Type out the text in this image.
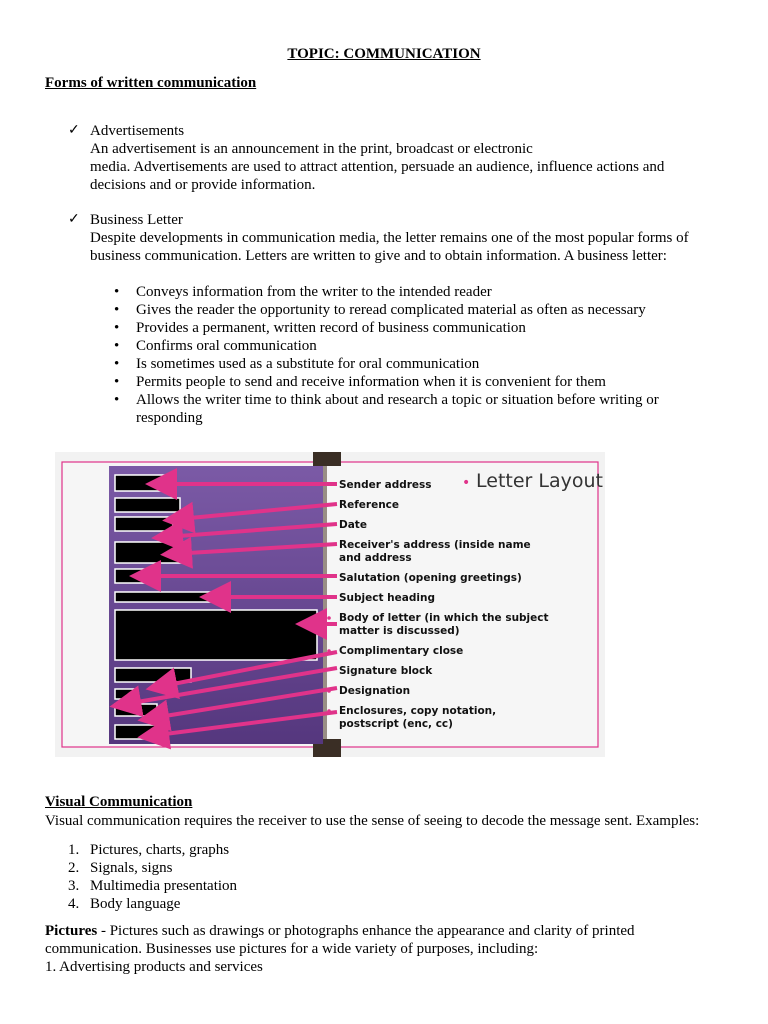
TOPIC: COMMUNICATION
Forms of written communication
✓ Advertisements
An advertisement is an announcement in the print, broadcast or electronic
media. Advertisements are used to attract attention, persuade an audience, influence actions and
decisions and or provide information.
✓ Business Letter
Despite developments in communication media, the letter remains one of the most popular forms of
business communication. Letters are written to give and to obtain information. A business letter:
• Conveys information from the writer to the intended reader
• Gives the reader the opportunity to reread complicated material as often as necessary
• Provides a permanent, written record of business communication
• Confirms oral communication
• Is sometimes used as a substitute for oral communication
• Permits people to send and receive information when it is convenient for them
• Allows the writer time to think about and research a topic or situation before writing or
responding
• Letter Layout
Sender address
Reference
Date
Receiver's address (inside name
and address
Salutation (opening greetings)
Subject heading
Body of letter (in which the subject
matter is discussed)
Complimentary close
Signature block
Designation
Enclosures, copy notation,
postscript (enc, cc)
Visual Communication
Visual communication requires the receiver to use the sense of seeing to decode the message sent. Examples:
1. Pictures, charts, graphs
2. Signals, signs
3. Multimedia presentation
4. Body language
Pictures - Pictures such as drawings or photographs enhance the appearance and clarity of printed
communication. Businesses use pictures for a wide variety of purposes, including:
1. Advertising products and services
